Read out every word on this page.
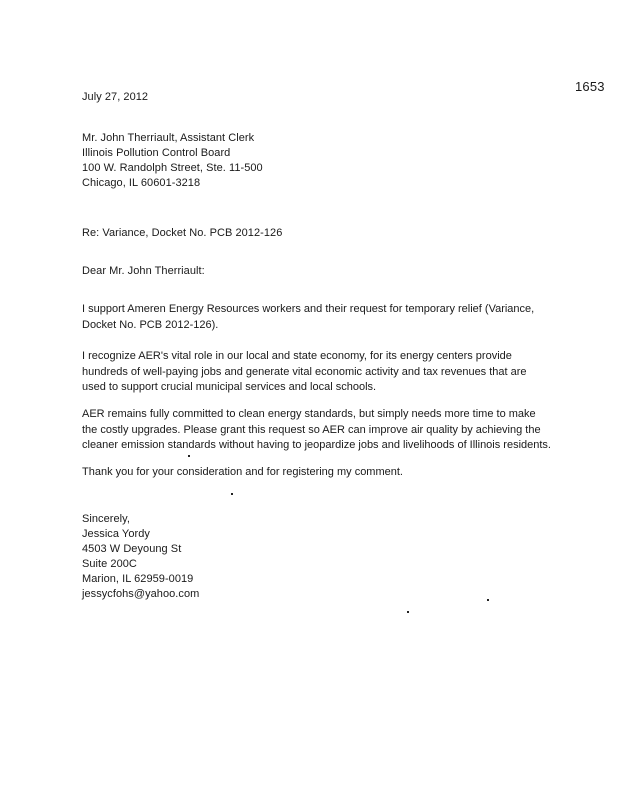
1653
July 27, 2012
Mr. John Therriault, Assistant Clerk
Illinois Pollution Control Board
100 W. Randolph Street, Ste. 11-500
Chicago, IL 60601-3218
Re: Variance, Docket No. PCB 2012-126
Dear Mr. John Therriault:
I support Ameren Energy Resources workers and their request for temporary relief (Variance,
Docket No. PCB 2012-126).
I recognize AER's vital role in our local and state economy, for its energy centers provide
hundreds of well-paying jobs and generate vital economic activity and tax revenues that are
used to support crucial municipal services and local schools.
AER remains fully committed to clean energy standards, but simply needs more time to make
the costly upgrades. Please grant this request so AER can improve air quality by achieving the
cleaner emission standards without having to jeopardize jobs and livelihoods of Illinois residents.
Thank you for your consideration and for registering my comment.
Sincerely,
Jessica Yordy
4503 W Deyoung St
Suite 200C
Marion, IL 62959-0019
jessycfohs@yahoo.com
